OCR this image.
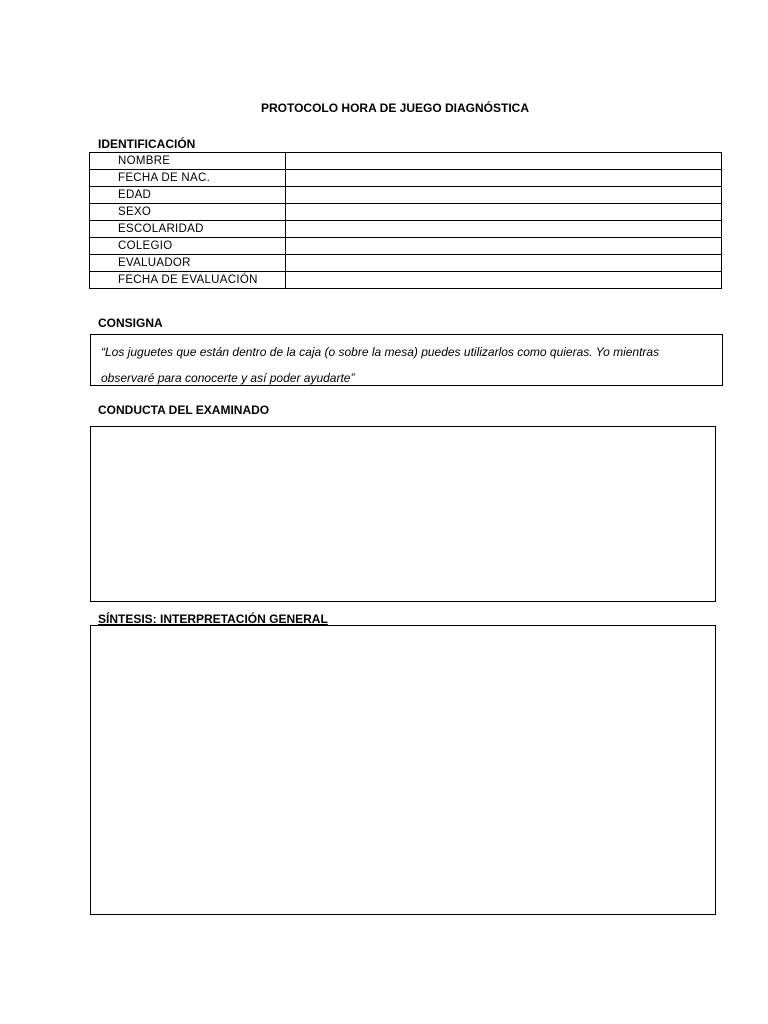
PROTOCOLO HORA DE JUEGO DIAGNÓSTICA
IDENTIFICACIÓN
NOMBRE	
FECHA DE NAC.	
EDAD	
SEXO	
ESCOLARIDAD	
COLEGIO	
EVALUADOR	
FECHA DE EVALUACIÓN	
CONSIGNA
“Los juguetes que están dentro de la caja (o sobre la mesa) puedes utilizarlos como quieras. Yo mientras observaré para conocerte y así poder ayudarte”
CONDUCTA DEL EXAMINADO
SÍNTESIS: INTERPRETACIÓN GENERAL
